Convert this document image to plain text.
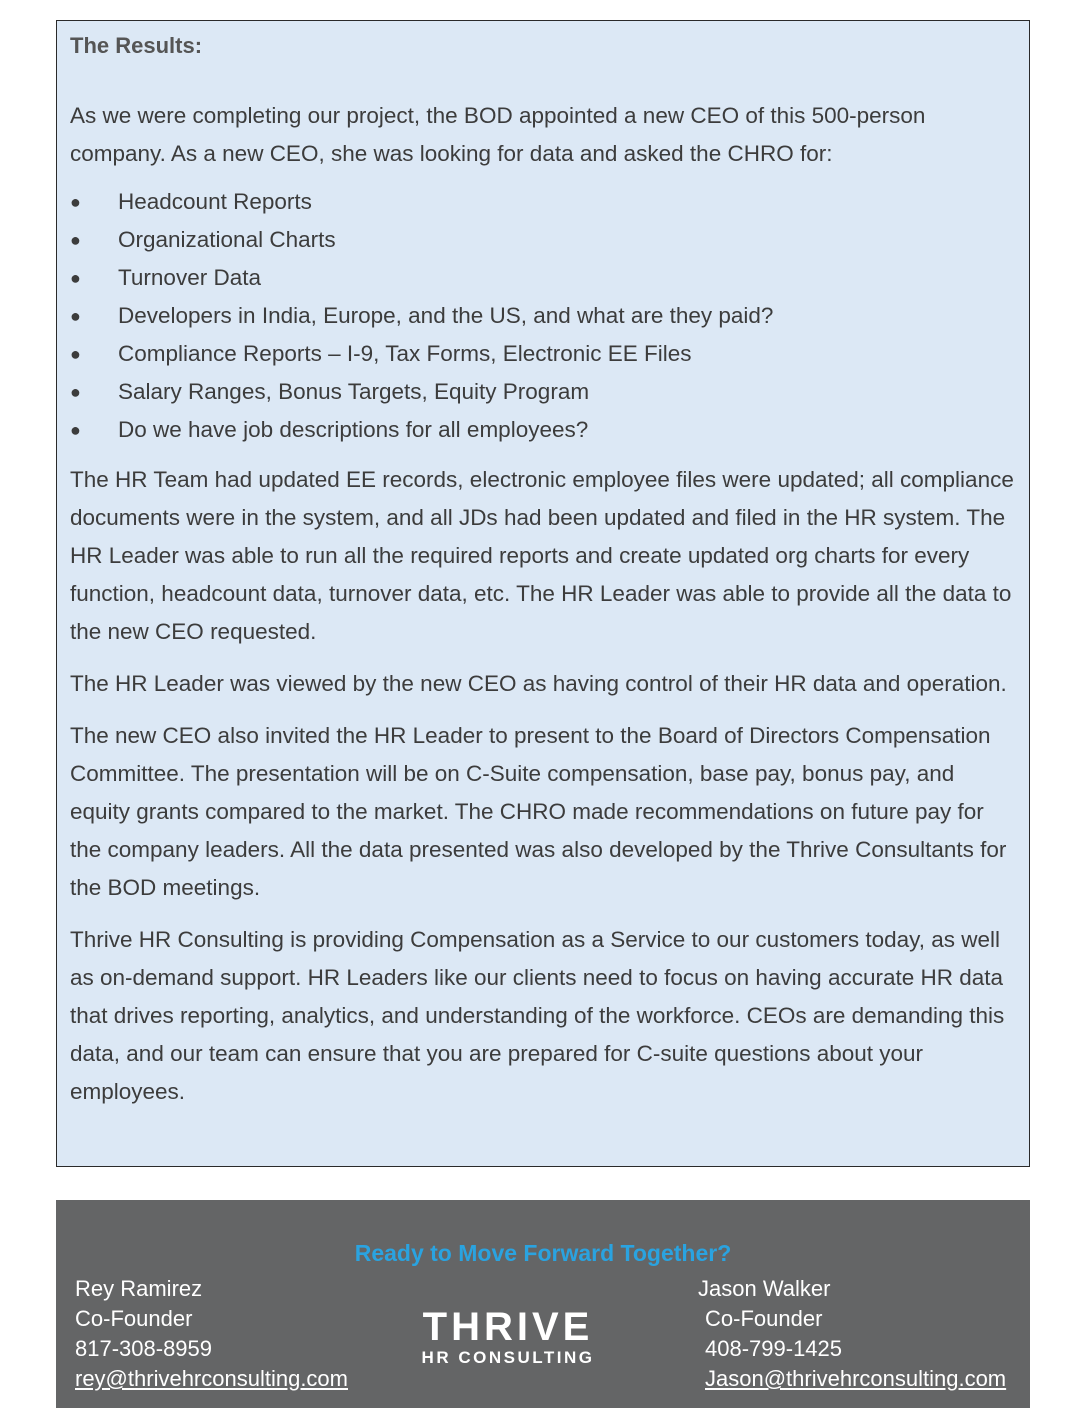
The Results:

As we were completing our project, the BOD appointed a new CEO of this 500-person company. As a new CEO, she was looking for data and asked the CHRO for:

●	Headcount Reports
●	Organizational Charts
●	Turnover Data
●	Developers in India, Europe, and the US, and what are they paid?
●	Compliance Reports – I-9, Tax Forms, Electronic EE Files
●	Salary Ranges, Bonus Targets, Equity Program
●	Do we have job descriptions for all employees?

The HR Team had updated EE records, electronic employee files were updated; all compliance documents were in the system, and all JDs had been updated and filed in the HR system. The HR Leader was able to run all the required reports and create updated org charts for every function, headcount data, turnover data, etc. The HR Leader was able to provide all the data to the new CEO requested.

The HR Leader was viewed by the new CEO as having control of their HR data and operation.

The new CEO also invited the HR Leader to present to the Board of Directors Compensation Committee. The presentation will be on C-Suite compensation, base pay, bonus pay, and equity grants compared to the market. The CHRO made recommendations on future pay for the company leaders. All the data presented was also developed by the Thrive Consultants for the BOD meetings.

Thrive HR Consulting is providing Compensation as a Service to our customers today, as well as on-demand support. HR Leaders like our clients need to focus on having accurate HR data that drives reporting, analytics, and understanding of the workforce. CEOs are demanding this data, and our team can ensure that you are prepared for C-suite questions about your employees.

Ready to Move Forward Together?
Rey Ramirez
Co-Founder
817-308-8959
rey@thrivehrconsulting.com
THRIVE
HR CONSULTING
Jason Walker
Co-Founder
408-799-1425
Jason@thrivehrconsulting.com
